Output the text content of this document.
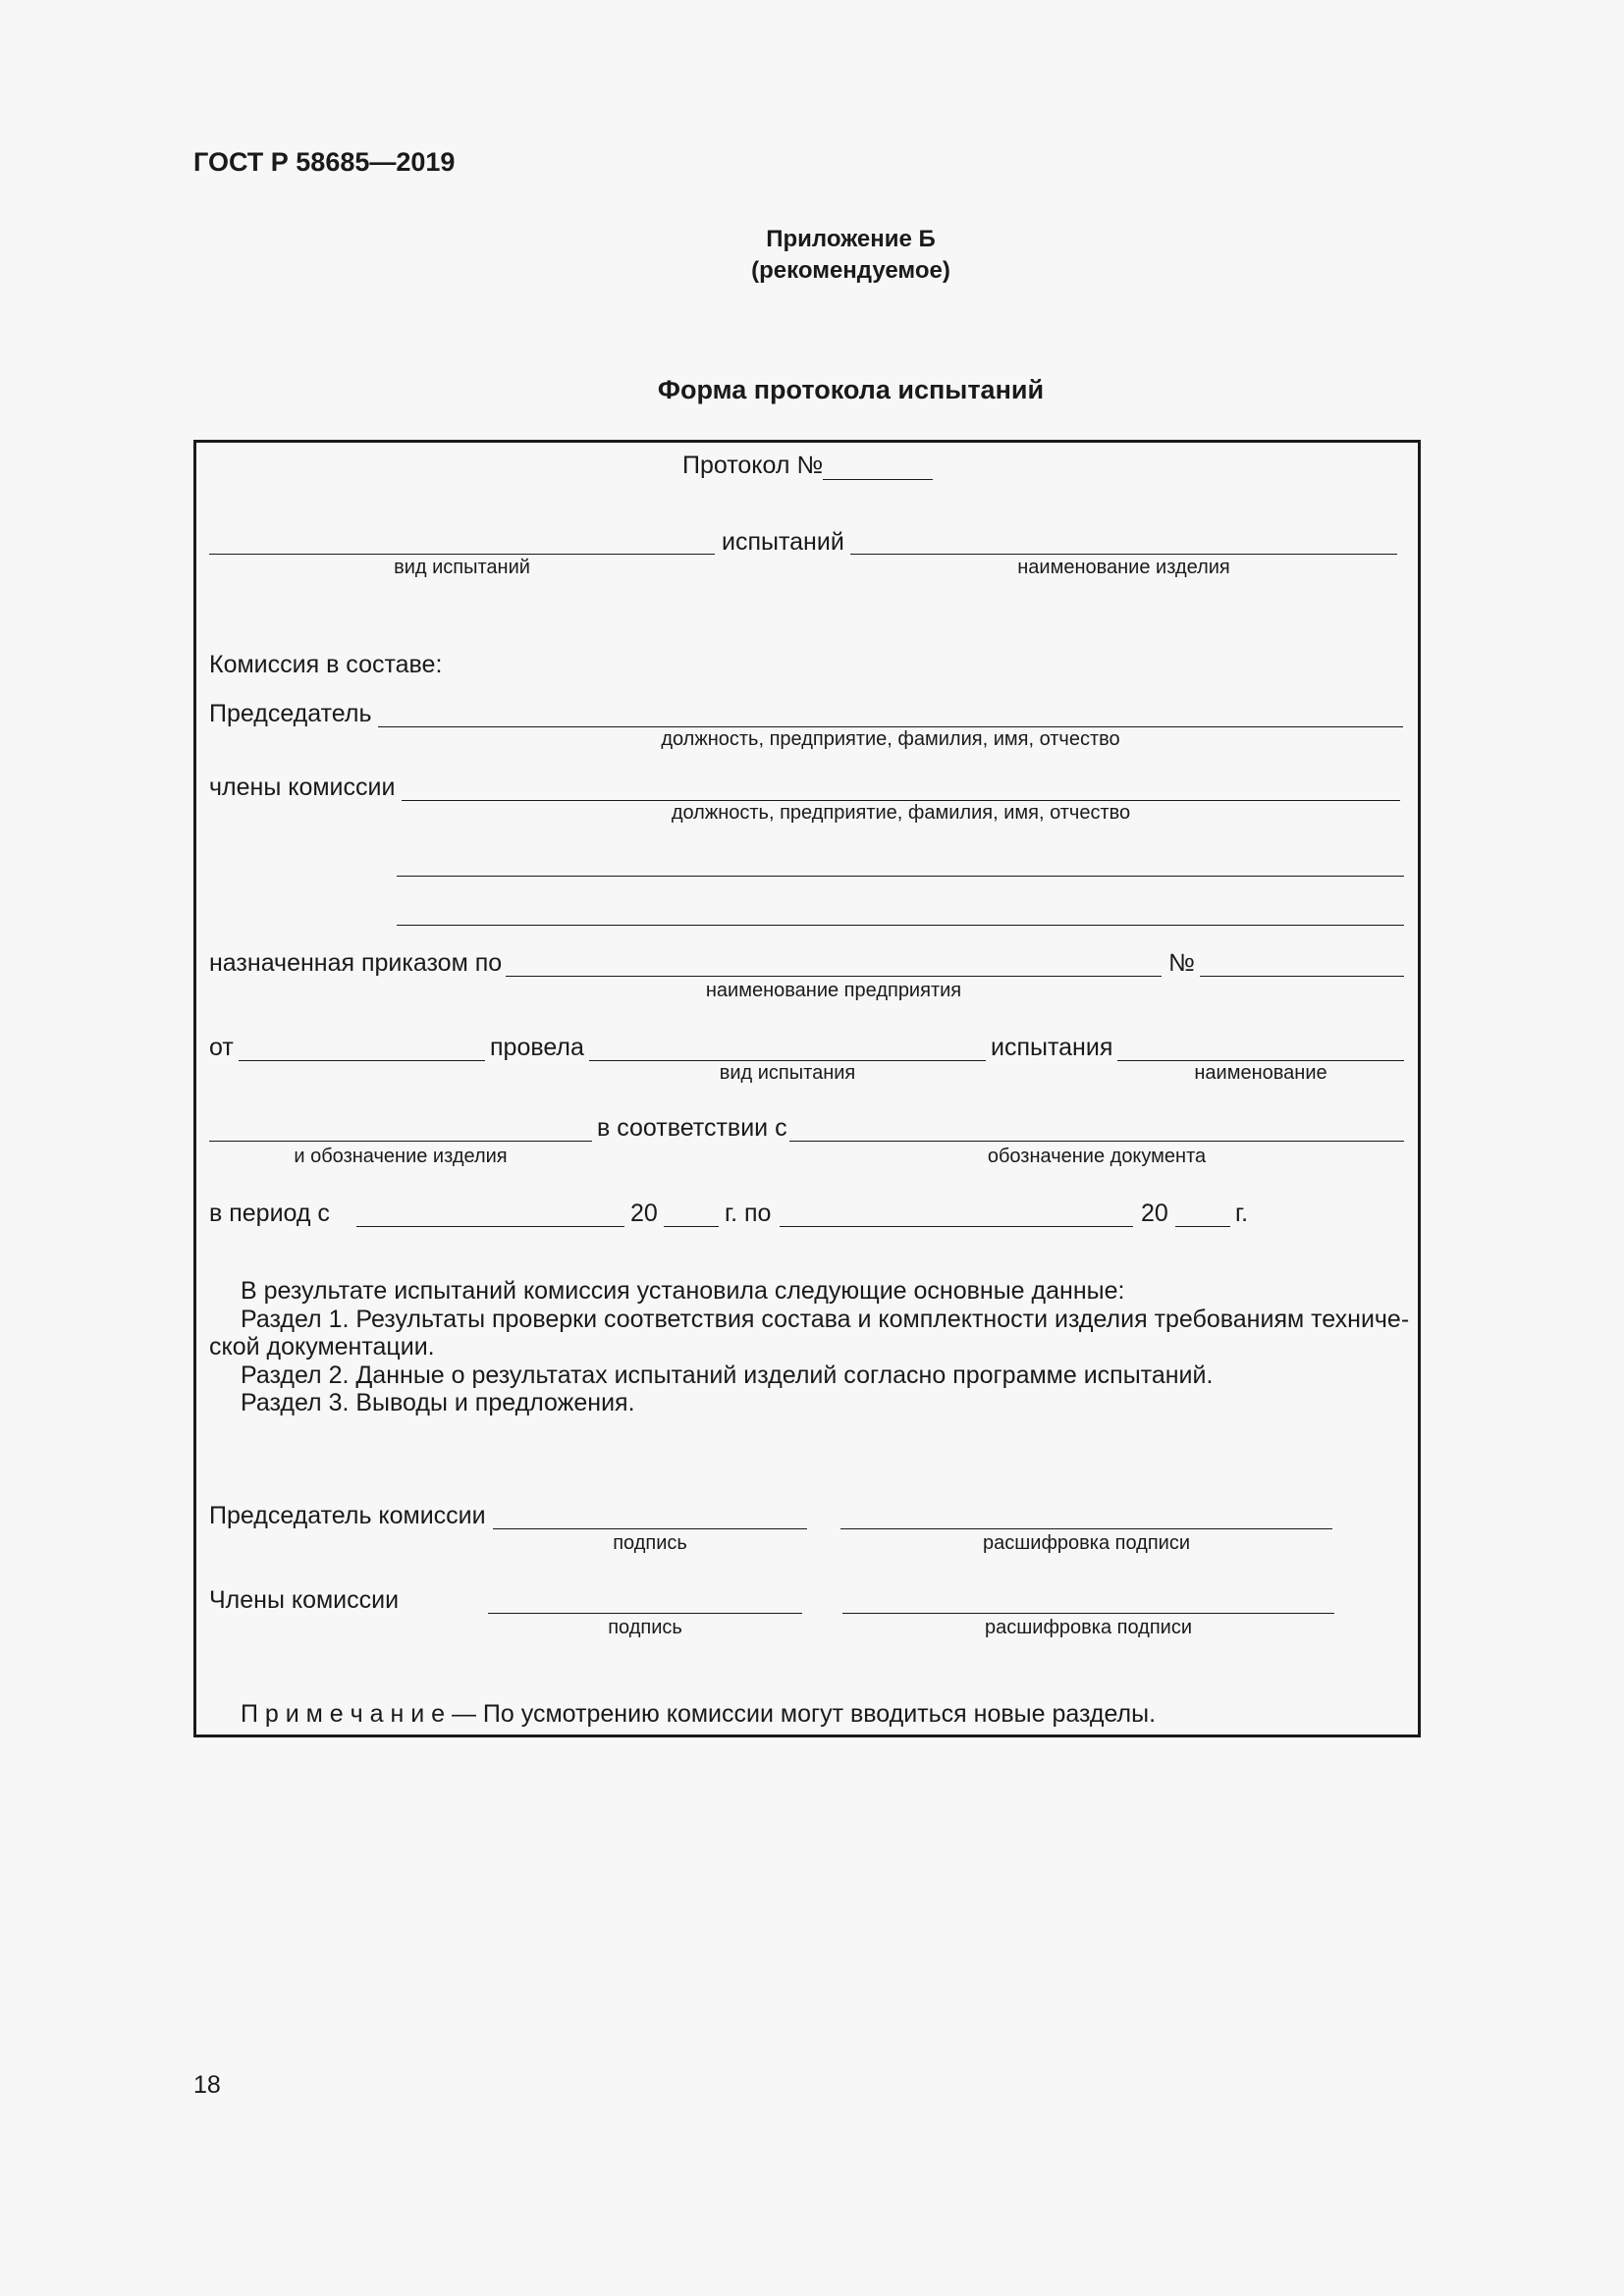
ГОСТ Р 58685—2019
Приложение Б
(рекомендуемое)
Форма протокола испытаний
Протокол №
испытаний
вид испытаний	наименование изделия
Комиссия в составе:
Председатель
должность, предприятие, фамилия, имя, отчество
члены комиссии
должность, предприятие, фамилия, имя, отчество
назначенная приказом по	№
наименование предприятия
от	провела	испытания
вид испытания	наименование
в соответствии с
и обозначение изделия	обозначение документа
в период с	20	г. по	20	г.
В результате испытаний комиссия установила следующие основные данные:
Раздел 1. Результаты проверки соответствия состава и комплектности изделия требованиям техниче-
ской документации.
Раздел 2. Данные о результатах испытаний изделий согласно программе испытаний.
Раздел 3. Выводы и предложения.
Председатель комиссии
подпись	расшифровка подписи
Члены комиссии
подпись	расшифровка подписи
П р и м е ч а н и е — По усмотрению комиссии могут вводиться новые разделы.
18
